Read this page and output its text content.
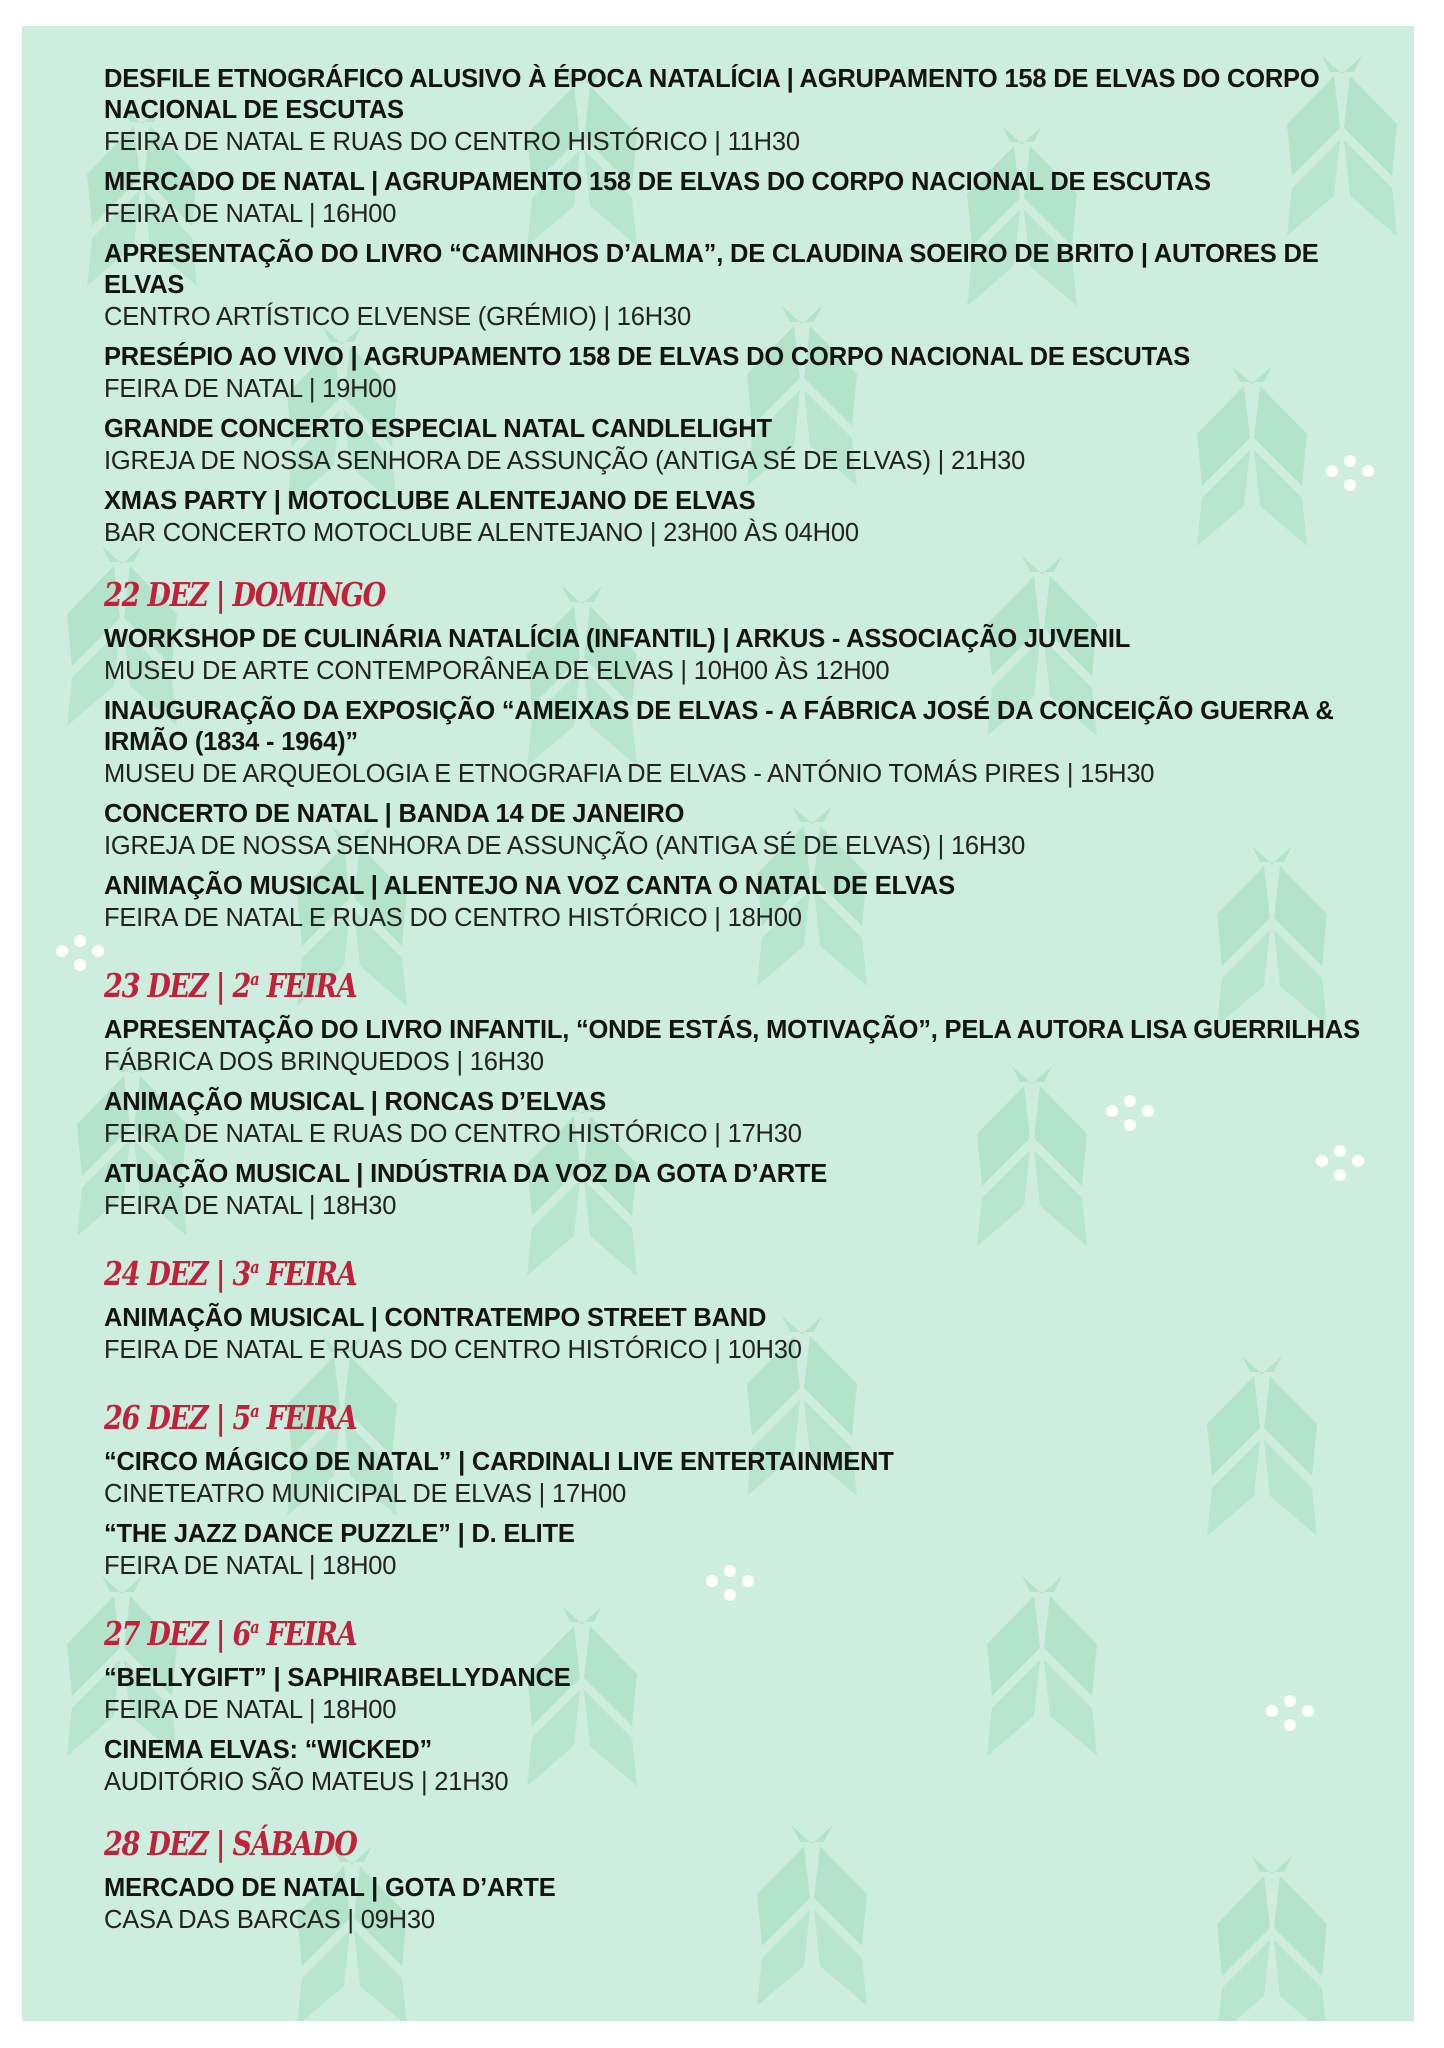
DESFILE ETNOGRÁFICO ALUSIVO À ÉPOCA NATALÍCIA | AGRUPAMENTO 158 DE ELVAS DO CORPO NACIONAL DE ESCUTAS
FEIRA DE NATAL E RUAS DO CENTRO HISTÓRICO | 11H30
MERCADO DE NATAL | AGRUPAMENTO 158 DE ELVAS DO CORPO NACIONAL DE ESCUTAS
FEIRA DE NATAL | 16H00
APRESENTAÇÃO DO LIVRO “CAMINHOS D’ALMA”, DE CLAUDINA SOEIRO DE BRITO | AUTORES DE ELVAS
CENTRO ARTÍSTICO ELVENSE (GRÉMIO) | 16H30
PRESÉPIO AO VIVO | AGRUPAMENTO 158 DE ELVAS DO CORPO NACIONAL DE ESCUTAS
FEIRA DE NATAL | 19H00
GRANDE CONCERTO ESPECIAL NATAL CANDLELIGHT
IGREJA DE NOSSA SENHORA DE ASSUNÇÃO (ANTIGA SÉ DE ELVAS) | 21H30
XMAS PARTY | MOTOCLUBE ALENTEJANO DE ELVAS
BAR CONCERTO MOTOCLUBE ALENTEJANO | 23H00 ÀS 04H00
22 DEZ | DOMINGO
WORKSHOP DE CULINÁRIA NATALÍCIA (INFANTIL) | ARKUS - ASSOCIAÇÃO JUVENIL
MUSEU DE ARTE CONTEMPORÂNEA DE ELVAS | 10H00 ÀS 12H00
INAUGURAÇÃO DA EXPOSIÇÃO “AMEIXAS DE ELVAS - A FÁBRICA JOSÉ DA CONCEIÇÃO GUERRA & IRMÃO (1834 - 1964)”
MUSEU DE ARQUEOLOGIA E ETNOGRAFIA DE ELVAS - ANTÓNIO TOMÁS PIRES | 15H30
CONCERTO DE NATAL | BANDA 14 DE JANEIRO
IGREJA DE NOSSA SENHORA DE ASSUNÇÃO (ANTIGA SÉ DE ELVAS) | 16H30
ANIMAÇÃO MUSICAL | ALENTEJO NA VOZ CANTA O NATAL DE ELVAS
FEIRA DE NATAL E RUAS DO CENTRO HISTÓRICO | 18H00
23 DEZ | 2$^a$ FEIRA
APRESENTAÇÃO DO LIVRO INFANTIL, “ONDE ESTÁS, MOTIVAÇÃO”, PELA AUTORA LISA GUERRILHAS
FÁBRICA DOS BRINQUEDOS | 16H30
ANIMAÇÃO MUSICAL | RONCAS D’ELVAS
FEIRA DE NATAL E RUAS DO CENTRO HISTÓRICO | 17H30
ATUAÇÃO MUSICAL | INDÚSTRIA DA VOZ DA GOTA D’ARTE
FEIRA DE NATAL | 18H30
24 DEZ | 3$^a$ FEIRA
ANIMAÇÃO MUSICAL | CONTRATEMPO STREET BAND
FEIRA DE NATAL E RUAS DO CENTRO HISTÓRICO | 10H30
26 DEZ | 5$^a$ FEIRA
“CIRCO MÁGICO DE NATAL” | CARDINALI LIVE ENTERTAINMENT
CINETEATRO MUNICIPAL DE ELVAS | 17H00
“THE JAZZ DANCE PUZZLE” | D. ELITE
FEIRA DE NATAL | 18H00
27 DEZ | 6$^a$ FEIRA
“BELLYGIFT” | SAPHIRABELLYDANCE
FEIRA DE NATAL | 18H00
CINEMA ELVAS: “WICKED”
AUDITÓRIO SÃO MATEUS | 21H30
28 DEZ | SÁBADO
MERCADO DE NATAL | GOTA D’ARTE
CASA DAS BARCAS | 09H30
